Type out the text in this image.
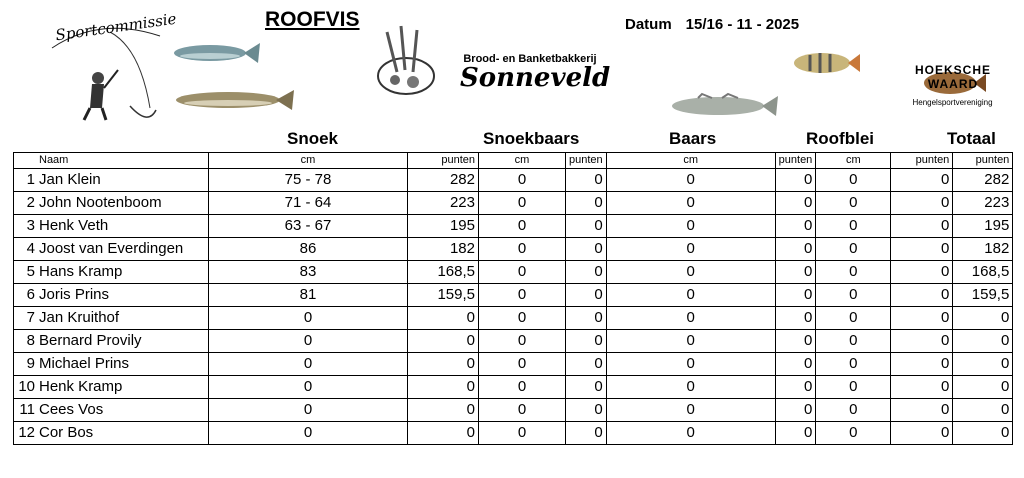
Sportcommissie
Brood- en Banketbakkerij
Sonneveld	HOEKSCHE WAARD
Hengelsportvereniging
ROOFVIS	Datum 15/16 - 11 - 2025
Snoek	Snoekbaars	Baars	Roofblei	Totaal
	Naam	cm	punten	cm	punten	cm	punten	cm	punten	punten
1	Jan Klein	75 - 78	282	0	0	0	0	0	0	282
2	John Nootenboom	71 - 64	223	0	0	0	0	0	0	223
3	Henk Veth	63 - 67	195	0	0	0	0	0	0	195
4	Joost van Everdingen	86	182	0	0	0	0	0	0	182
5	Hans Kramp	83	168,5	0	0	0	0	0	0	168,5
6	Joris Prins	81	159,5	0	0	0	0	0	0	159,5
7	Jan Kruithof	0	0	0	0	0	0	0	0	0
8	Bernard Provily	0	0	0	0	0	0	0	0	0
9	Michael Prins	0	0	0	0	0	0	0	0	0
10	Henk Kramp	0	0	0	0	0	0	0	0	0
11	Cees Vos	0	0	0	0	0	0	0	0	0
12	Cor Bos	0	0	0	0	0	0	0	0	0
